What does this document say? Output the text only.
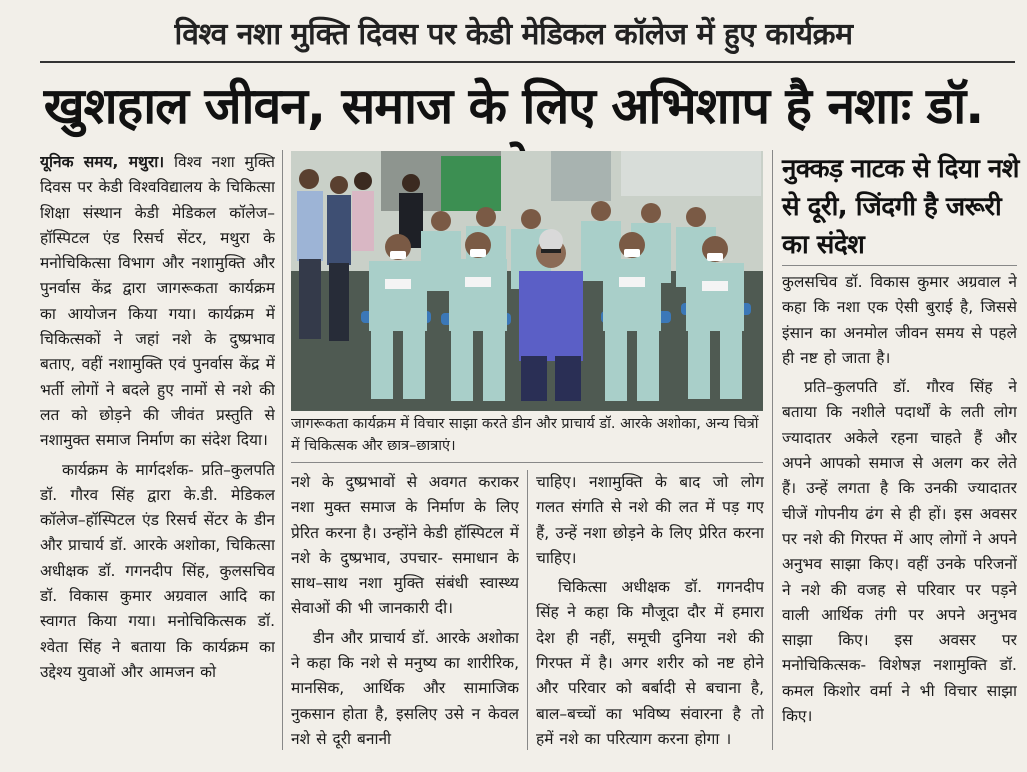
विश्व नशा मुक्ति दिवस पर केडी मेडिकल कॉलेज में हुए कार्यक्रम
खुशहाल जीवन, समाज के लिए अभिशाप है नशाः डॉ.

यूनिक समय, मथुरा। विश्व नशा मुक्ति दिवस पर केडी विश्वविद्यालय के चिकित्सा शिक्षा संस्थान केडी मेडिकल कॉलेज–हॉस्पिटल एंड रिसर्च सेंटर, मथुरा के मनोचिकित्सा विभाग और नशामुक्ति और पुनर्वास केंद्र द्वारा जागरूकता कार्यक्रम का आयोजन किया गया। कार्यक्रम में चिकित्सकों ने जहां नशे के दुष्प्रभाव बताए, वहीं नशामुक्ति एवं पुनर्वास केंद्र में भर्ती लोगों ने बदले हुए नामों से नशे की लत को छोड़ने की जीवंत प्रस्तुति से नशामुक्त समाज निर्माण का संदेश दिया।

कार्यक्रम के मार्गदर्शक- प्रति–कुलपति डॉ. गौरव सिंह द्वारा के.डी. मेडिकल कॉलेज–हॉस्पिटल एंड रिसर्च सेंटर के डीन और प्राचार्य डॉ. आरके अशोका, चिकित्सा अधीक्षक डॉ. गगनदीप सिंह, कुलसचिव डॉ. विकास कुमार अग्रवाल आदि का स्वागत किया गया। मनोचिकित्सक डॉ. श्वेता सिंह ने बताया कि कार्यक्रम का उद्देश्य युवाओं और आमजन को

जागरूकता कार्यक्रम में विचार साझा करते डीन और प्राचार्य डॉ. आरके अशोका, अन्य चित्रों में चिकित्सक और छात्र–छात्राएं।

नशे के दुष्प्रभावों से अवगत कराकर नशा मुक्त समाज के निर्माण के लिए प्रेरित करना है। उन्होंने केडी हॉस्पिटल में नशे के दुष्प्रभाव, उपचार- समाधान के साथ–साथ नशा मुक्ति संबंधी स्वास्थ्य सेवाओं की भी जानकारी दी।

डीन और प्राचार्य डॉ. आरके अशोका ने कहा कि नशे से मनुष्य का शारीरिक, मानसिक, आर्थिक और सामाजिक नुकसान होता है, इसलिए उसे न केवल नशे से दूरी बनानी

चाहिए। नशामुक्ति के बाद जो लोग गलत संगति से नशे की लत में पड़ गए हैं, उन्हें नशा छोड़ने के लिए प्रेरित करना चाहिए।

चिकित्सा अधीक्षक डॉ. गगनदीप सिंह ने कहा कि मौजूदा दौर में हमारा देश ही नहीं, समूची दुनिया नशे की गिरफ्त में है। अगर शरीर को नष्ट होने और परिवार को बर्बादी से बचाना है, बाल–बच्चों का भविष्य संवारना है तो हमें नशे का परित्याग करना होगा ।

नुक्कड़ नाटक से दिया नशे से दूरी, जिंदगी है जरूरी का संदेश

कुलसचिव डॉ. विकास कुमार अग्रवाल ने कहा कि नशा एक ऐसी बुराई है, जिससे इंसान का अनमोल जीवन समय से पहले ही नष्ट हो जाता है।

प्रति–कुलपति डॉ. गौरव सिंह ने बताया कि नशीले पदार्थों के लती लोग ज्यादातर अकेले रहना चाहते हैं और अपने आपको समाज से अलग कर लेते हैं। उन्हें लगता है कि उनकी ज्यादातर चीजें गोपनीय ढंग से ही हों। इस अवसर पर नशे की गिरफ्त में आए लोगों ने अपने अनुभव साझा किए। वहीं उनके परिजनों ने नशे की वजह से परिवार पर पड़ने वाली आर्थिक तंगी पर अपने अनुभव साझा किए। इस अवसर पर मनोचिकित्सक- विशेषज्ञ नशामुक्ति डॉ. कमल किशोर वर्मा ने भी विचार साझा किए।
